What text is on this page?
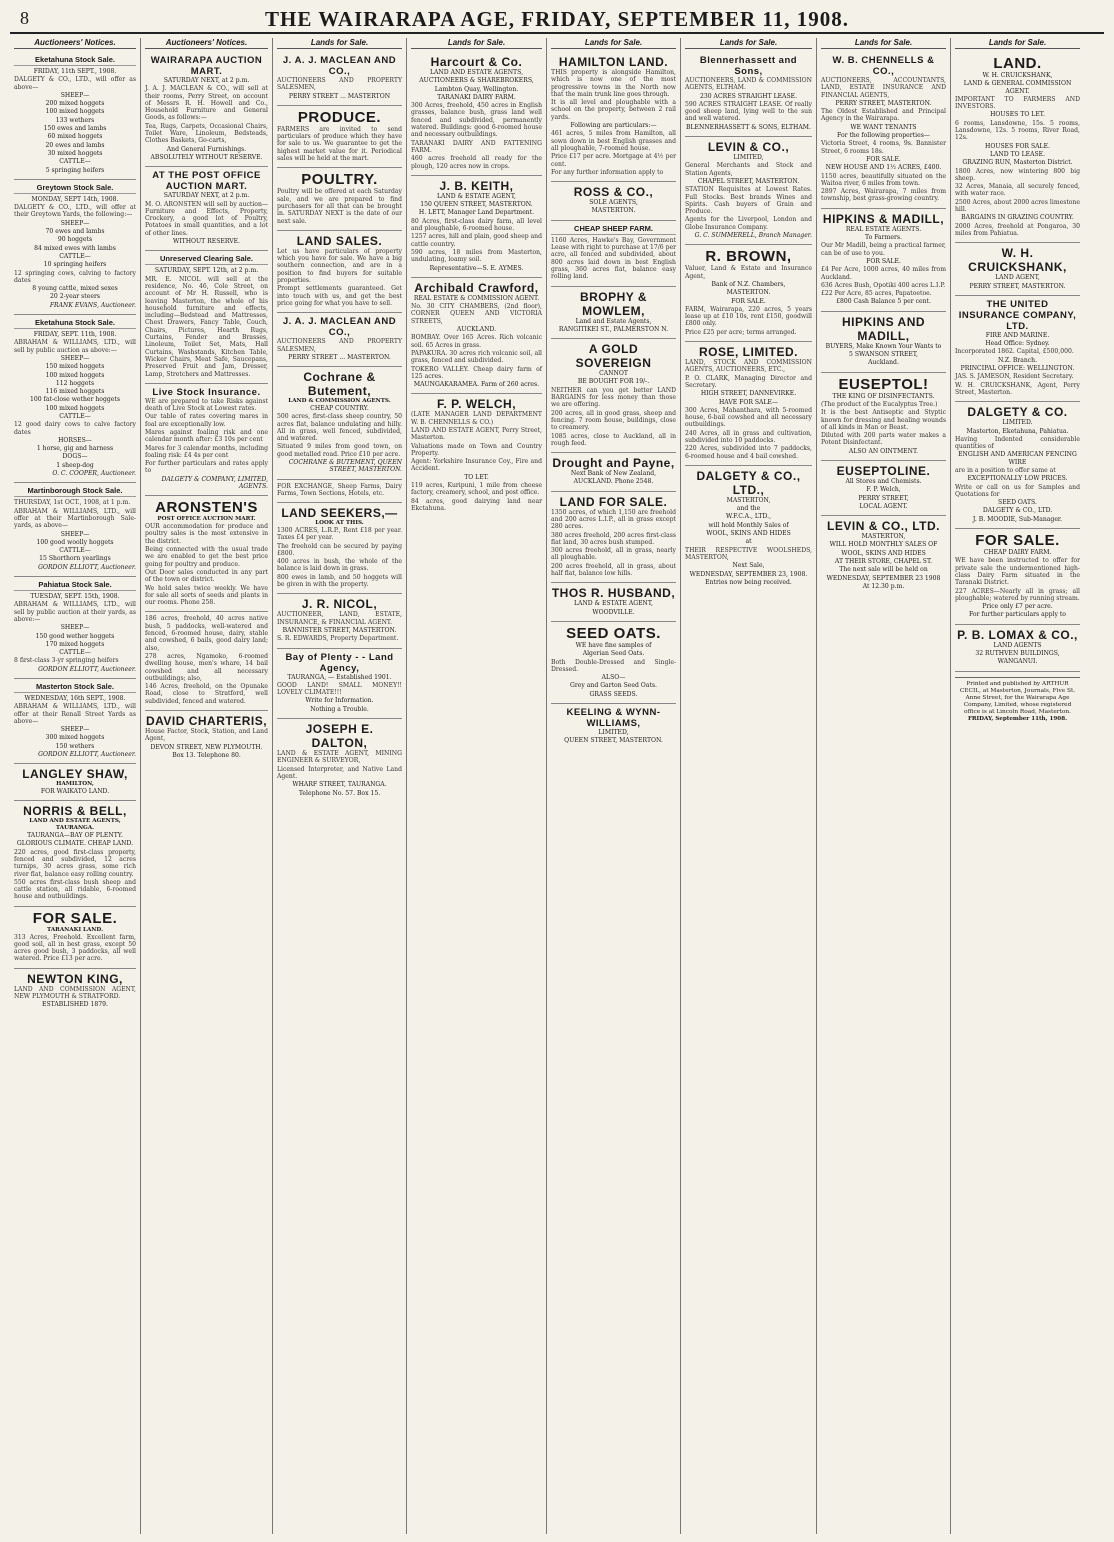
8	THE WAIRARAPA AGE, FRIDAY, SEPTEMBER 11, 1908.
Auctioneers' Notices.
Eketahuna Stock Sale.

FRIDAY, 11th SEPT., 1908.

DALGETY & CO., LTD., will offer as above—

SHEEP—

200 mixed hoggets

100 mixed hoggets

133 wethers

150 ewes and lambs

60 mixed hoggets

20 ewes and lambs

30 mixed hoggets

CATTLE—

5 springing heifers

Greytown Stock Sale.

MONDAY, SEPT 14th, 1908.

DALGETY & CO., LTD., will offer at their Greytown Yards, the following:—

SHEEP—

70 ewes and lambs

90 hoggets

84 mixed ewes with lambs

CATTLE—

10 springing heifers

12 springing cows, calving to factory dates

8 young cattle, mixed sexes

20 2-year steers

FRANK EVANS, Auctioneer.

Eketahuna Stock Sale.

FRIDAY, SEPT. 11th, 1908.

ABRAHAM & WILLIAMS, LTD., will sell by public auction as above:—

SHEEP—

150 mixed hoggets

100 mixed hoggets

112 hoggets

116 mixed hoggets

100 fat-close wether hoggets

100 mixed hoggets

CATTLE—

12 good dairy cows to calve factory dates

HORSES—

1 horse, gig and harness

DOGS—

1 sheep-dog

O. C. COOPER, Auctioneer.

Martinborough Stock Sale.

THURSDAY, 1st OCT., 1908, at 1 p.m.

ABRAHAM & WILLIAMS, LTD., will offer at their Martinborough Sale-yards, as above—

SHEEP—

100 good woolly hoggets

CATTLE—

15 Shorthorn yearlings

GORDON ELLIOTT, Auctioneer.

Pahiatua Stock Sale.

TUESDAY, SEPT. 15th, 1908.

ABRAHAM & WILLIAMS, LTD., will sell by public auction at their yards, as above:—

SHEEP—

150 good wether hoggets

170 mixed hoggets

CATTLE—

8 first-class 3-yr springing heifers

GORDON ELLIOTT, Auctioneer.

Masterton Stock Sale.

WEDNESDAY, 16th SEPT., 1908.

ABRAHAM & WILLIAMS, LTD., will offer at their Renall Street Yards as above—

SHEEP—

300 mixed hoggets

150 wethers

GORDON ELLIOTT, Auctioneer.

LANGLEY SHAW,
HAMILTON,

FOR WAIKATO LAND.

NORRIS & BELL,
LAND AND ESTATE AGENTS, TAURANGA.

TAURANGA—BAY OF PLENTY.

GLORIOUS CLIMATE. CHEAP LAND.

220 acres, good first-class property, fenced and subdivided, 12 acres turnips, 30 acres grass, some rich river flat, balance easy rolling country.

550 acres first-class bush sheep and cattle station, all ridable, 6-roomed house and outbuildings.

FOR SALE.
TARANAKI LAND.

313 Acres, Freehold. Excellent farm, good soil, all in best grass, except 50 acres good bush, 3 paddocks, all well watered. Price £13 per acre.

NEWTON KING,

LAND AND COMMISSION AGENT, NEW PLYMOUTH & STRATFORD.

ESTABLISHED 1879.

Auctioneers' Notices.
WAIRARAPA AUCTION MART.

SATURDAY NEXT, at 2 p.m.

J. A. J. MACLEAN & CO., will sell at their rooms, Perry Street, on account of Messrs R. H. Howell and Co., Household Furniture and General Goods, as follows:—

Tea, Rugs, Carpets, Occasional Chairs, Toilet Ware, Linoleum, Bedsteads, Clothes Baskets, Go-carts,

And General Furnishings.

ABSOLUTELY WITHOUT RESERVE.

AT THE POST OFFICE AUCTION MART.

SATURDAY NEXT, at 2 p.m.

M. O. ARONSTEN will sell by auction—Furniture and Effects, Property, Crockery, a good lot of Poultry, Potatoes in small quantities, and a lot of other lines.

WITHOUT RESERVE.

Unreserved Clearing Sale.

SATURDAY, SEPT. 12th, at 2 p.m.

MR. E. NICOL will sell at the residence, No. 46, Cole Street, on account of Mr H. Russell, who is leaving Masterton, the whole of his household furniture and effects, including—Bedstead and Mattresses, Chest Drawers, Fancy Table, Couch, Chairs, Pictures, Hearth Rugs, Curtains, Fender and Brasses, Linoleum, Toilet Set, Mats, Hall Curtains, Washstands, Kitchen Table, Wicker Chairs, Meat Safe, Saucepans, Preserved Fruit and Jam, Dresser, Lamp, Stretchers and Mattresses.

Live Stock Insurance.

WE are prepared to take Risks against death of Live Stock at Lowest rates.

Our table of rates covering mares in foal are exceptionally low.

Mares against foaling risk and one calendar month after: £3 10s per cent

Mares for 3 calendar months, including foaling risk: £4 4s per cent

For further particulars and rates apply to

DALGETY & COMPANY, LIMITED, AGENTS.

ARONSTEN'S
POST OFFICE AUCTION MART.

OUR accommodation for produce and poultry sales is the most extensive in the district.

Being connected with the usual trade we are enabled to get the best price going for poultry and produce.

Out Door sales conducted in any part of the town or district.

We hold sales twice weekly. We have for sale all sorts of seeds and plants in our rooms. Phone 258.

186 acres, freehold, 40 acres native bush, 5 paddocks, well-watered and fenced, 6-roomed house, dairy, stable and cowshed, 6 bails, good dairy land; also,

278 acres, Ngamoko, 6-roomed dwelling house, men's whare, 14 bail cowshed and all necessary outbuildings; also,

146 Acres, freehold, on the Opunake Road, close to Stratford, well subdivided, fenced and watered.

DAVID CHARTERIS,

House Factor, Stock, Station, and Land Agent,

DEVON STREET, NEW PLYMOUTH.

Box 13. Telephone 80.

Lands for Sale.
J. A. J. MACLEAN AND CO.,

AUCTIONEERS AND PROPERTY SALESMEN,

PERRY STREET ... MASTERTON

PRODUCE.

FARMERS are invited to send particulars of produce which they have for sale to us. We guarantee to get the highest market value for it. Periodical sales will be held at the mart.

POULTRY.

Poultry will be offered at each Saturday sale, and we are prepared to find purchasers for all that can be brought in. SATURDAY NEXT is the date of our next sale.

LAND SALES.

Let us have particulars of property which you have for sale. We have a big southern connection, and are in a position to find buyers for suitable properties.

Prompt settlements guaranteed. Get into touch with us, and get the best price going for what you have to sell.

J. A. J. MACLEAN AND CO.,

AUCTIONEERS AND PROPERTY SALESMEN,

PERRY STREET ... MASTERTON.

Cochrane & Butement,
LAND & COMMISSION AGENTS.

CHEAP COUNTRY.

500 acres, first-class sheep country, 50 acres flat, balance undulating and hilly. All in grass, well fenced, subdivided, and watered.

Situated 9 miles from good town, on good metalled road. Price £10 per acre.

COCHRANE & BUTEMENT, QUEEN STREET, MASTERTON.

FOR EXCHANGE, Sheep Farms, Dairy Farms, Town Sections, Hotels, etc.

LAND SEEKERS,—
LOOK AT THIS.

1300 ACRES, L.R.P., Rent £18 per year. Taxes £4 per year.

The freehold can be secured by paying £800.

400 acres in bush, the whole of the balance is laid down in grass.

800 ewes in lamb, and 50 hoggets will be given in with the property.

J. R. NICOL,

AUCTIONEER, LAND, ESTATE, INSURANCE, & FINANCIAL AGENT.

BANNISTER STREET, MASTERTON.

S. R. EDWARDS, Property Department.

Bay of Plenty - - Land Agency,

TAURANGA, — Established 1901.

GOOD LAND! SMALL MONEY!! LOVELY CLIMATE!!!

Write for Information.

Nothing a Trouble.

JOSEPH E. DALTON,

LAND & ESTATE AGENT, MINING ENGINEER & SURVEYOR,

Licensed Interpreter, and Native Land Agent.

WHARF STREET, TAURANGA.

Telephone No. 57. Box 15.

Lands for Sale.
Harcourt & Co.

LAND AND ESTATE AGENTS,

AUCTIONEERS & SHAREBROKERS,

Lambton Quay, Wellington.

TARANAKI DAIRY FARM.

300 Acres, freehold, 450 acres in English grasses, balance bush, grass land well fenced and subdivided, permanently watered. Buildings: good 6-roomed house and necessary outbuildings.

TARANAKI DAIRY AND FATTENING FARM.

460 acres freehold all ready for the plough, 120 acres now in crops.

J. B. KEITH,

LAND & ESTATE AGENT,

150 QUEEN STREET, MASTERTON.

H. LETT, Manager Land Department.

80 Acres, first-class dairy farm, all level and ploughable, 6-roomed house.

1257 acres, hill and plain, good sheep and cattle country.

590 acres, 18 miles from Masterton, undulating, loamy soil.

Representative—S. E. AYMES.

Archibald Crawford,

REAL ESTATE & COMMISSION AGENT.

No. 30 CITY CHAMBERS, (2nd floor), CORNER QUEEN AND VICTORIA STREETS,

AUCKLAND.

BOMBAY. Over 165 Acres. Rich volcanic soil. 65 Acres in grass.

PAPAKURA. 30 acres rich volcanic soil, all grass, fenced and subdivided.

TOKERO VALLEY. Cheap dairy farm of 125 acres.

MAUNGAKARAMEA. Farm of 260 acres.

F. P. WELCH,

(LATE MANAGER LAND DEPARTMENT W. B. CHENNELLS & CO.)

LAND AND ESTATE AGENT, Perry Street, Masterton.

Valuations made on Town and Country Property.

Agent: Yorkshire Insurance Coy., Fire and Accident.

TO LET.

119 acres, Kuripuni, 1 mile from cheese factory, creamery, school, and post office.

84 acres, good dairying land near Ekctahuna.

Lands for Sale.
HAMILTON LAND.

THIS property is alongside Hamilton, which is now one of the most progressive towns in the North now that the main trunk line goes through.

It is all level and ploughable with a school on the property, between 2 rail yards.

Following are particulars:—

461 acres, 5 miles from Hamilton, all sown down in best English grasses and all ploughable, 7-roomed house.

Price £17 per acre. Mortgage at 4½ per cent.

For any further information apply to

ROSS & CO.,

SOLE AGENTS,

MASTERTON.

CHEAP SHEEP FARM.

1160 Acres, Hawke's Bay, Government Lease with right to purchase at 17/6 per acre, all fenced and subdivided, about 800 acres laid down in best English grass, 360 acres flat, balance easy rolling land.

BROPHY & MOWLEM,

Land and Estate Agents,

RANGITIKEI ST., PALMERSTON N.

A GOLD SOVEREIGN

CANNOT

BE BOUGHT FOR 19/-.

NEITHER can you get better LAND BARGAINS for less money than those we are offering.

200 acres, all in good grass, sheep and fencing. 7 room house, buildings, close to creamery.

1085 acres, close to Auckland, all in rough feed.

Drought and Payne,

Next Bank of New Zealand,

AUCKLAND. Phone 2548.

LAND FOR SALE.

1350 acres, of which 1,150 are freehold and 200 acres L.I.P., all in grass except 280 acres.

380 acres freehold, 200 acres first-class flat land, 30 acres bush stumped.

300 acres freehold, all in grass, nearly all ploughable.

200 acres freehold, all in grass, about half flat, balance low hills.

THOS R. HUSBAND,

LAND & ESTATE AGENT,

WOODVILLE.

SEED OATS.

WE have fine samples of

Algerian Seed Oats.

Both Double-Dressed and Single-Dressed.

ALSO—

Grey and Garton Seed Oats.

GRASS SEEDS.

KEELING & WYNN-WILLIAMS,

LIMITED,

QUEEN STREET, MASTERTON.

Lands for Sale.
Blennerhassett and Sons,

AUCTIONEERS, LAND & COMMISSION AGENTS, ELTHAM.

230 ACRES STRAIGHT LEASE.

590 ACRES STRAIGHT LEASE. Of really good sheep land, lying well to the sun and well watered.

BLENNERHASSETT & SONS, ELTHAM.

LEVIN & CO.,

LIMITED,

General Merchants and Stock and Station Agents,

CHAPEL STREET, MASTERTON.

STATION Requisites at Lowest Rates. Full Stocks. Best brands Wines and Spirits. Cash buyers of Grain and Produce.

Agents for the Liverpool, London and Globe Insurance Company.

G. C. SUMMERELL, Branch Manager.

R. BROWN,

Valuer, Land & Estate and Insurance Agent,

Bank of N.Z. Chambers,

MASTERTON.

FOR SALE.

FARM, Wairarapa, 220 acres, 5 years lease up at £10 10s, rent £150, goodwill £800 only.

Price £25 per acre; terms arranged.

ROSE, LIMITED.

LAND, STOCK AND COMMISSION AGENTS, AUCTIONEERS, ETC.,

P. O. CLARK, Managing Director and Secretary.

HIGH STREET, DANNEVIRKE.

HAVE FOR SALE—

300 Acres, Mahanthara, with 5-roomed house, 6-bail cowshed and all necessary outbuildings.

240 Acres, all in grass and cultivation, subdivided into 10 paddocks.

220 Acres, subdivided into 7 paddocks, 6-roomed house and 4 bail cowshed.

DALGETY & CO., LTD.,

MASTERTON,

and the

W.F.C.A., LTD.,

will hold Monthly Sales of

WOOL, SKINS AND HIDES

at

THEIR RESPECTIVE WOOLSHEDS, MASTERTON,

Next Sale,

WEDNESDAY, SEPTEMBER 23, 1908.

Entries now being received.

Lands for Sale.
W. B. CHENNELLS & CO.,

AUCTIONEERS, ACCOUNTANTS, LAND, ESTATE INSURANCE AND FINANCIAL AGENTS,

PERRY STREET, MASTERTON.

The Oldest Established and Principal Agency in the Wairarapa.

WE WANT TENANTS

For the following properties—

Victoria Street, 4 rooms, 9s. Bannister Street, 6 rooms 18s.

FOR SALE.

NEW HOUSE AND 1½ ACRES, £400.

1150 acres, beautifully situated on the Waitoa river, 6 miles from town.

2897 Acres, Wairarapa, 7 miles from township, best grass-growing country.

HIPKINS & MADILL,

REAL ESTATE AGENTS.

To Farmers.

Our Mr Madill, being a practical farmer, can be of use to you.

FOR SALE.

£4 Per Acre, 1000 acres, 40 miles from Auckland.

636 Acres Bush, Opotiki 400 acres L.I.P.

£22 Per Acre, 85 acres, Papatoetoe.

£800 Cash Balance 5 per cent.

HIPKINS AND MADILL,

BUYERS, Make Known Your Wants to

5 SWANSON STREET,

Auckland.

EUSEPTOL!

THE KING OF DISINFECTANTS.

(The product of the Eucalyptus Tree.)

It is the best Antiseptic and Styptic known for dressing and healing wounds of all kinds in Man or Beast.

Diluted with 200 parts water makes a Potent Disinfectant.

ALSO AN OINTMENT.

EUSEPTOLINE.

All Stores and Chemists.

F. P. Welch,

PERRY STREET,

LOCAL AGENT.

LEVIN & CO., LTD.

MASTERTON,

WILL HOLD MONTHLY SALES OF

WOOL, SKINS AND HIDES

AT THEIR STORE, CHAPEL ST.

The next sale will be held on

WEDNESDAY, SEPTEMBER 23 1908

At 12.30 p.m.

Lands for Sale.
LAND.

W. H. CRUICKSHANK,

LAND & GENERAL COMMISSION AGENT.

IMPORTANT TO FARMERS AND INVESTORS.

HOUSES TO LET.

6 rooms, Lansdowne, 15s. 5 rooms, Lansdowne, 12s. 5 rooms, River Road, 12s.

HOUSES FOR SALE.

LAND TO LEASE.

GRAZING RUN, Masterton District.

1800 Acres, now wintering 800 big sheep.

32 Acres, Manaia, all securely fenced, with water race.

2500 Acres, about 2000 acres limestone hill.

BARGAINS IN GRAZING COUNTRY.

2000 Acres, freehold at Pongaroa, 30 miles from Pahiatua.

W. H. CRUICKSHANK,

LAND AGENT,

PERRY STREET, MASTERTON.

THE UNITED INSURANCE COMPANY, LTD.

FIRE AND MARINE.

Head Office: Sydney.

Incorporated 1862. Capital, £500,000.

N.Z. Branch.

PRINCIPAL OFFICE: WELLINGTON.

JAS. S. JAMESON, Resident Secretary.

W. H. CRUICKSHANK, Agent, Perry Street, Masterton.

DALGETY & CO.

LIMITED.

Masterton, Eketahuna, Pahiatua.

Having Indented considerable quantities of

ENGLISH AND AMERICAN FENCING WIRE

are in a position to offer same at

EXCEPTIONALLY LOW PRICES.

Write or call on us for Samples and Quotations for

SEED OATS.

DALGETY & CO., LTD.

J. B. MOODIE, Sub-Manager.

FOR SALE.

CHEAP DAIRY FARM.

WE have been instructed to offer for private sale the undermentioned high-class Dairy Farm situated in the Taranaki District.

227 ACRES—Nearly all in grass; all ploughable; watered by running stream.

Price only £7 per acre.

For further particulars apply to

P. B. LOMAX & CO.,

LAND AGENTS

32 RUTHVEN BUILDINGS,

WANGANUI.

Printed and published by ARTHUR CECIL, at Masterton, Journals, Five St. Anne Street, for the Wairarapa Age Company, Limited, whose registered office is at Lincoln Road, Masterton.
FRIDAY, September 11th, 1908.
